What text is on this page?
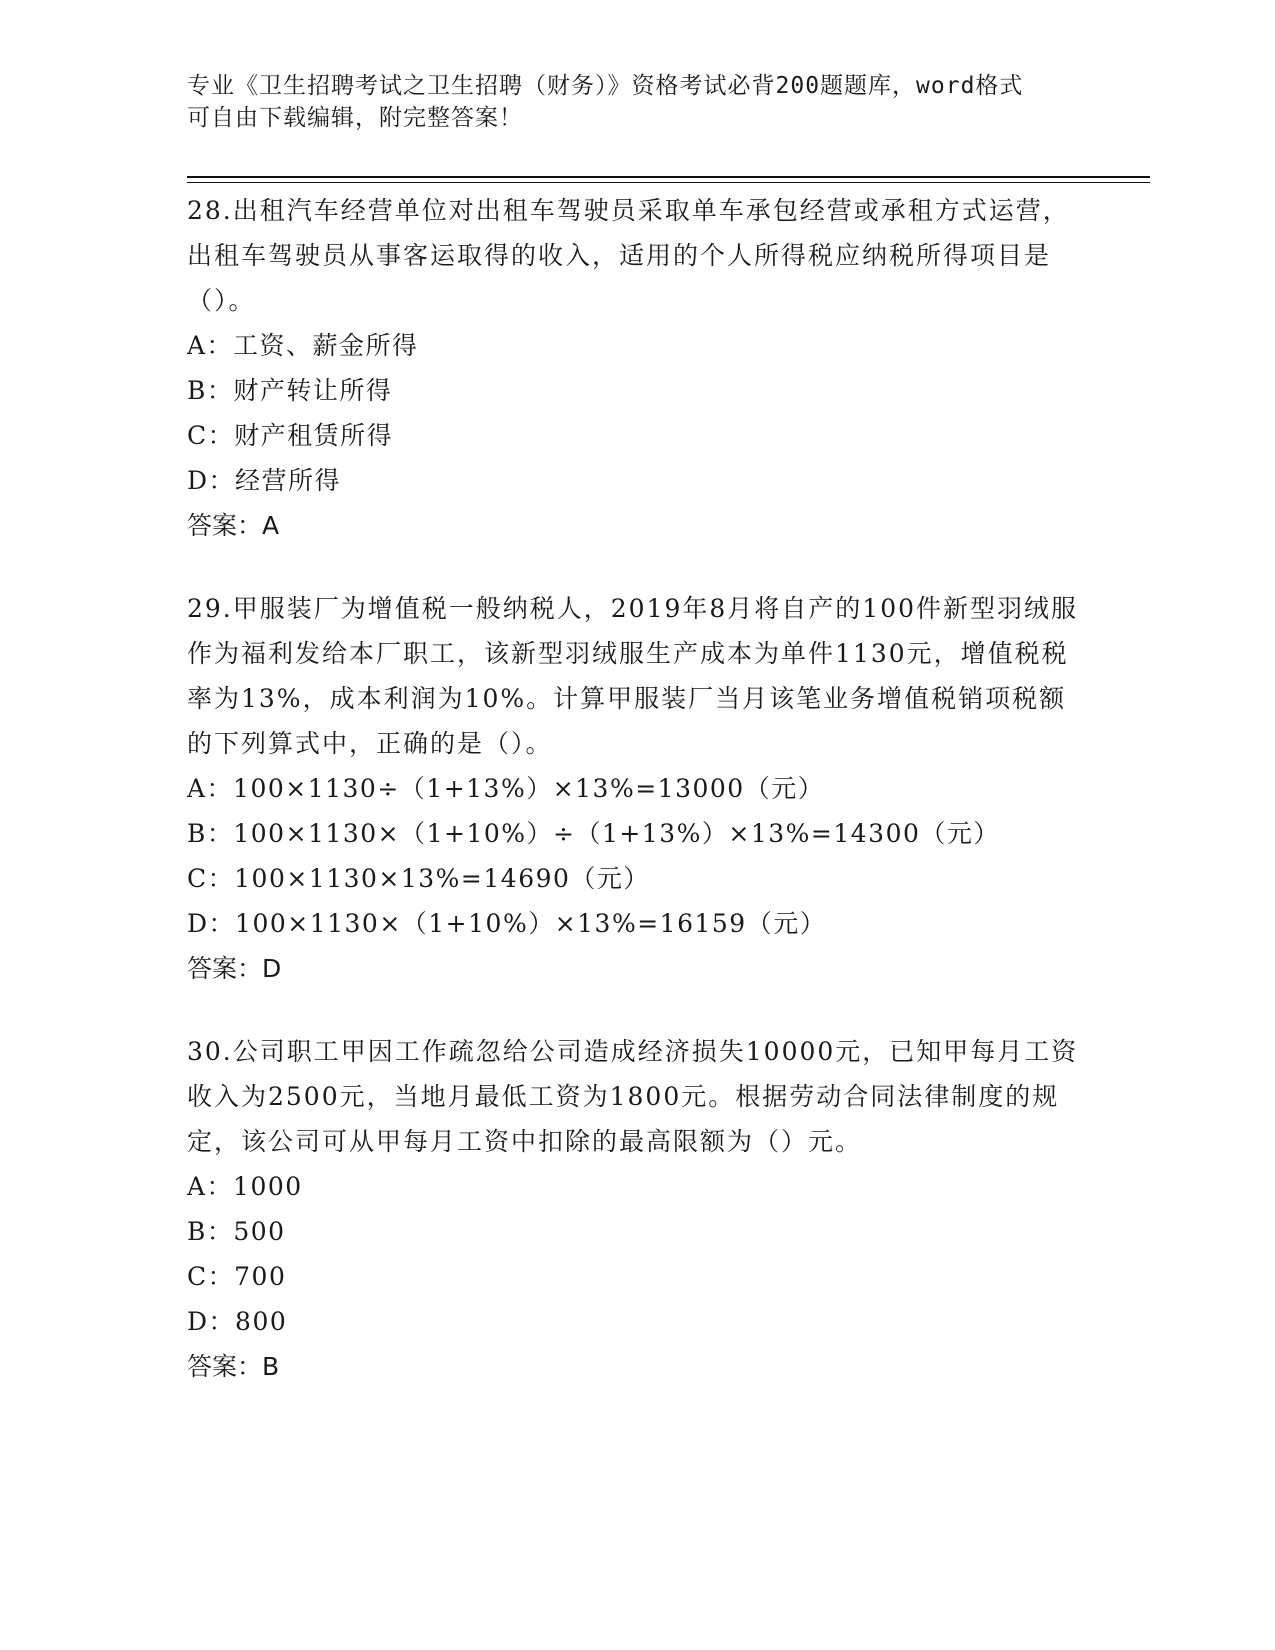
专业《卫生招聘考试之卫生招聘（财务）》资格考试必背200题题库，word格式
可自由下载编辑，附完整答案！
28.出租汽车经营单位对出租车驾驶员采取单车承包经营或承租方式运营，出租车驾驶员从事客运取得的收入，适用的个人所得税应纳税所得项目是（）。
A：工资、薪金所得
B：财产转让所得
C：财产租赁所得
D：经营所得
答案：A
29.甲服装厂为增值税一般纳税人，2019年8月将自产的100件新型羽绒服作为福利发给本厂职工，该新型羽绒服生产成本为单件1130元，增值税税率为13%，成本利润为10%。计算甲服装厂当月该笔业务增值税销项税额的下列算式中，正确的是（）。
A：100×1130÷（1+13%）×13%=13000（元）
B：100×1130×（1+10%）÷（1+13%）×13%=14300（元）
C：100×1130×13%=14690（元）
D：100×1130×（1+10%）×13%=16159（元）
答案：D
30.公司职工甲因工作疏忽给公司造成经济损失10000元，已知甲每月工资收入为2500元，当地月最低工资为1800元。根据劳动合同法律制度的规定，该公司可从甲每月工资中扣除的最高限额为（）元。
A：1000
B：500
C：700
D：800
答案：B
